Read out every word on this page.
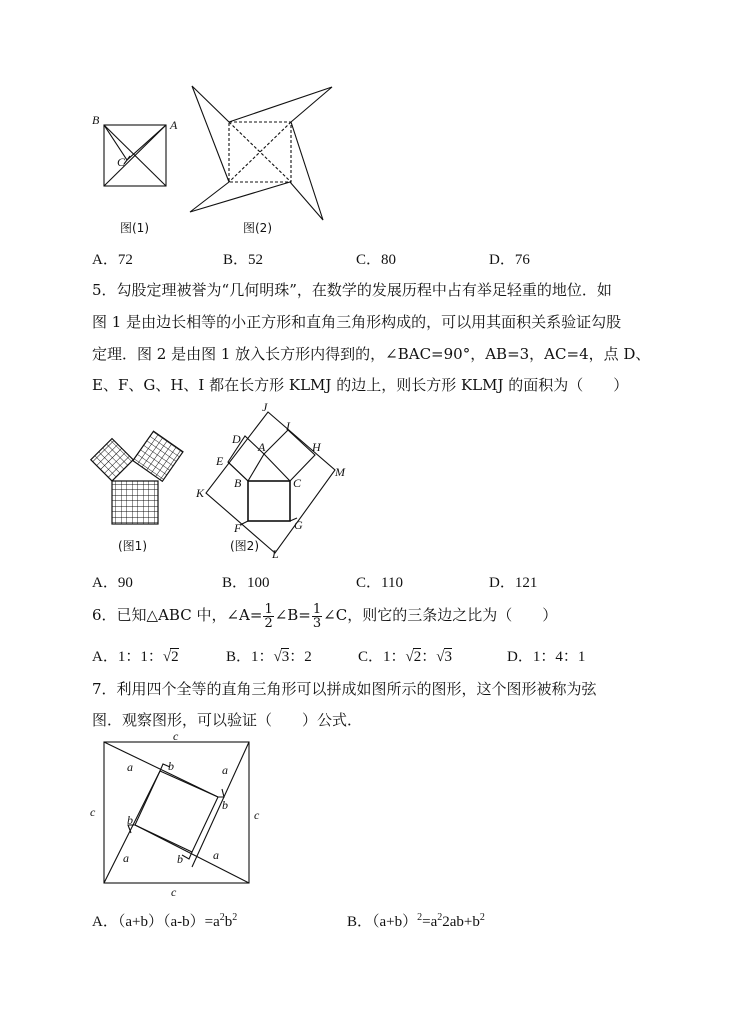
B	A
C
图(1)	图(2)
A．72	B．52	C．80	D．76
5．勾股定理被誉为“几何明珠”，在数学的发展历程中占有举足轻重的地位．如
图 1 是由边长相等的小正方形和直角三角形构成的，可以用其面积关系验证勾股
定理．图 2 是由图 1 放入长方形内得到的，∠BAC=90°，AB=3，AC=4，点 D、
E、F、G、H、I 都在长方形 KLMJ 的边上，则长方形 KLMJ 的面积为（　　）
(图1)
J
I
D
A	H
M
E
B	C
K
F	G
L
(图2)
A．90	B．100	C．110	D．121
6．已知△ABC 中，∠A= $\frac{1}{2}$ ∠B= $\frac{1}{3}$ ∠C，则它的三条边之比为（　　）
A．1：1：√2	B．1：√3：2	C．1：√2：√3	D．1：4：1
7．利用四个全等的直角三角形可以拼成如图所示的图形，这个图形被称为弦
图．观察图形，可以验证（　　）公式．
c
c	c
c
a	b	a
b
b
a	b	a
A．$(a+b)(a-b)=a^2b^2$	B．$(a+b)^2=a^22ab+b^2$
